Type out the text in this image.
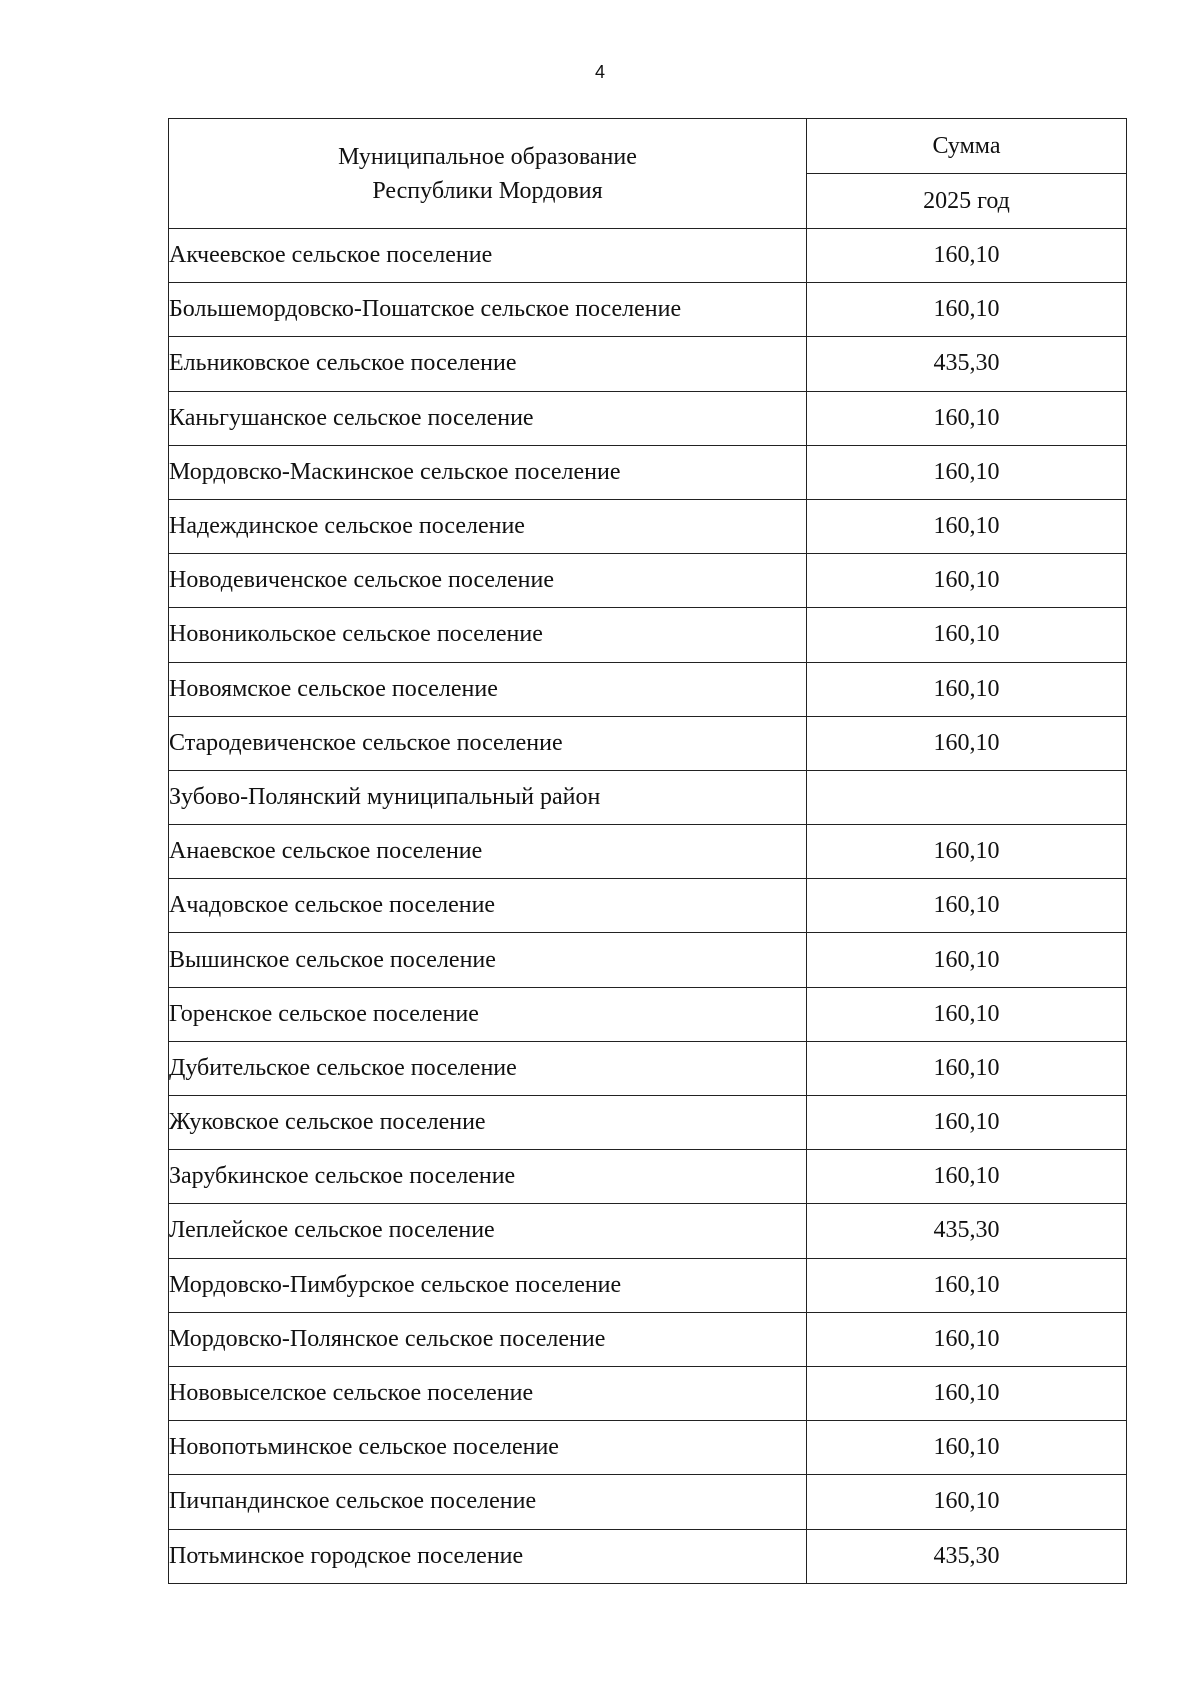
4
Муниципальное образование
Республики Мордовия	Сумма
	2025 год
Акчеевское сельское поселение	160,10
Большемордовско-Пошатское сельское поселение	160,10
Ельниковское сельское поселение	435,30
Каньгушанское сельское поселение	160,10
Мордовско-Маскинское сельское поселение	160,10
Надеждинское сельское поселение	160,10
Новодевиченское сельское поселение	160,10
Новоникольское сельское поселение	160,10
Новоямское сельское поселение	160,10
Стародевиченское сельское поселение	160,10
Зубово-Полянский муниципальный район	
Анаевское сельское поселение	160,10
Ачадовское сельское поселение	160,10
Вышинское сельское поселение	160,10
Горенское сельское поселение	160,10
Дубительское сельское поселение	160,10
Жуковское сельское поселение	160,10
Зарубкинское сельское поселение	160,10
Леплейское сельское поселение	435,30
Мордовско-Пимбурское сельское поселение	160,10
Мордовско-Полянское сельское поселение	160,10
Нововыселское сельское поселение	160,10
Новопотьминское сельское поселение	160,10
Пичпандинское сельское поселение	160,10
Потьминское городское поселение	435,30
